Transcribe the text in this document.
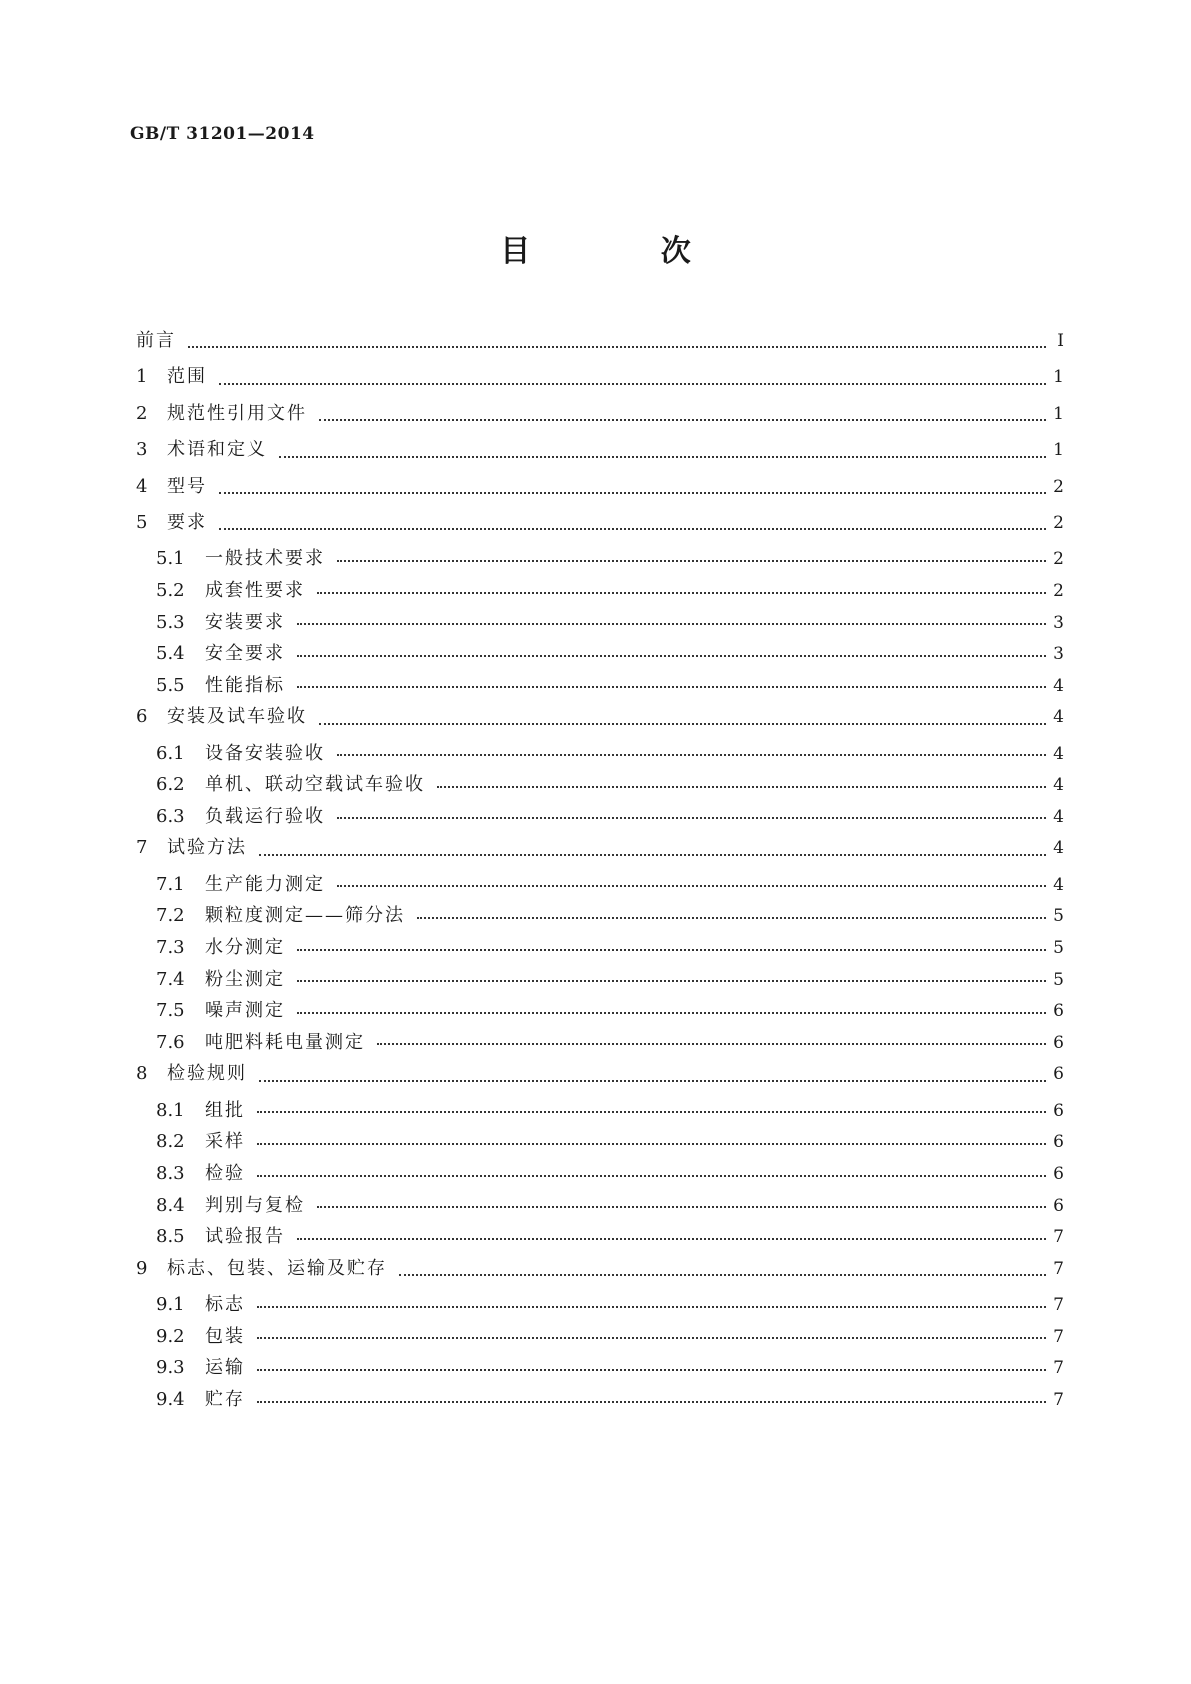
GB/T 31201—2014
目 次
前言	I
1	范围	1
2	规范性引用文件	1
3	术语和定义	1
4	型号	2
5	要求	2
5.1	一般技术要求	2
5.2	成套性要求	2
5.3	安装要求	3
5.4	安全要求	3
5.5	性能指标	4
6	安装及试车验收	4
6.1	设备安装验收	4
6.2	单机、联动空载试车验收	4
6.3	负载运行验收	4
7	试验方法	4
7.1	生产能力测定	4
7.2	颗粒度测定——筛分法	5
7.3	水分测定	5
7.4	粉尘测定	5
7.5	噪声测定	6
7.6	吨肥料耗电量测定	6
8	检验规则	6
8.1	组批	6
8.2	采样	6
8.3	检验	6
8.4	判别与复检	6
8.5	试验报告	7
9	标志、包装、运输及贮存	7
9.1	标志	7
9.2	包装	7
9.3	运输	7
9.4	贮存	7
